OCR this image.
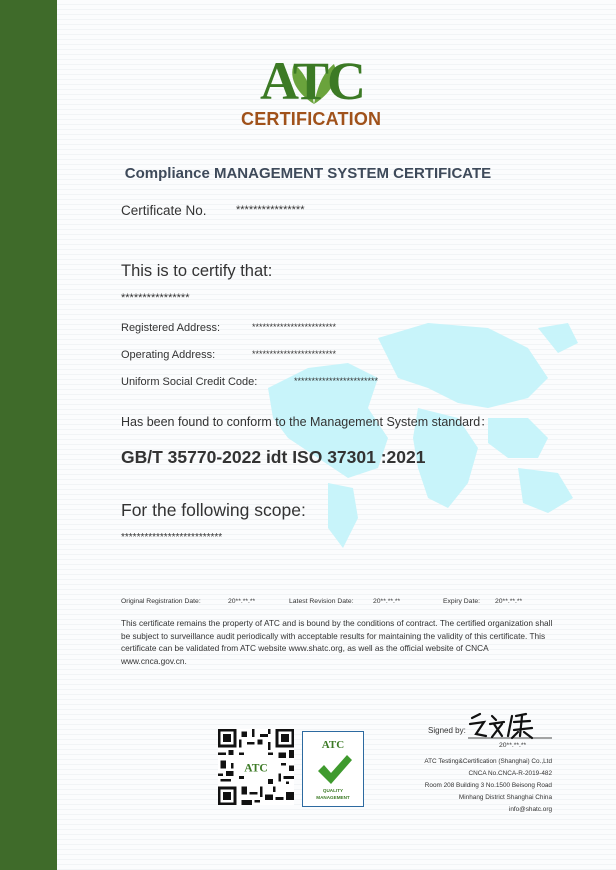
ATC
CERTIFICATION
Compliance MANAGEMENT SYSTEM CERTIFICATE
Certificate No.	****************
This is to certify that:
****************
Registered Address:	************************
Operating Address:	************************
Uniform Social Credit Code:	************************
Has been found to conform to the Management System standard：
GB/T 35770-2022 idt ISO 37301 :2021
For the following scope:
**************************
Original Registration Date:	20**.**.**	Latest Revision Date:	20**.**.**	Expiry Date: 20**.**.**
This certificate remains the property of ATC and is bound by the conditions of contract. The certified organization shall be subject to surveillance audit periodically with acceptable results for maintaining the validity of this certificate. This certificate can be validated from ATC website www.shatc.org, as well as the official website of CNCA www.cnca.gov.cn.
Signed by:
20**.**.**
ATC
ATC
QUALITY
MANAGEMENT
ATC Testing&Certification (Shanghai) Co.,Ltd
CNCA No.CNCA-R-2019-482
Room 208 Building 3 No.1500 Beisong Road
Minhang District Shanghai China
info@shatc.org
